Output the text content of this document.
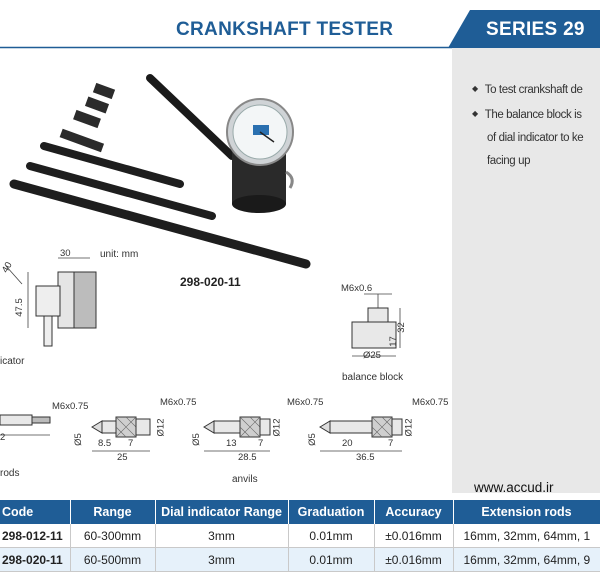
CRANKSHAFT TESTER	SERIES 29
◆ To test crankshaft de
◆ The balance block is
of dial indicator to ke
facing up
unit: mm
298-020-11
30
40
47.5
icator
M6x0.6
32
17
Ø25
balance block
M6x0.75
2
rods
M6x0.75
Ø5
Ø12
8.5 7
25
M6x0.75
Ø5
Ø12
13 7
28.5
M6x0.75
Ø5
Ø12
20	7
36.5
anvils
www.accud.ir
Code	Range	Dial indicator Range	Graduation	Accuracy	Extension rods
298-012-11	60-300mm	3mm	0.01mm	±0.016mm	16mm, 32mm, 64mm, 1
298-020-11	60-500mm	3mm	0.01mm	±0.016mm	16mm, 32mm, 64mm, 9
